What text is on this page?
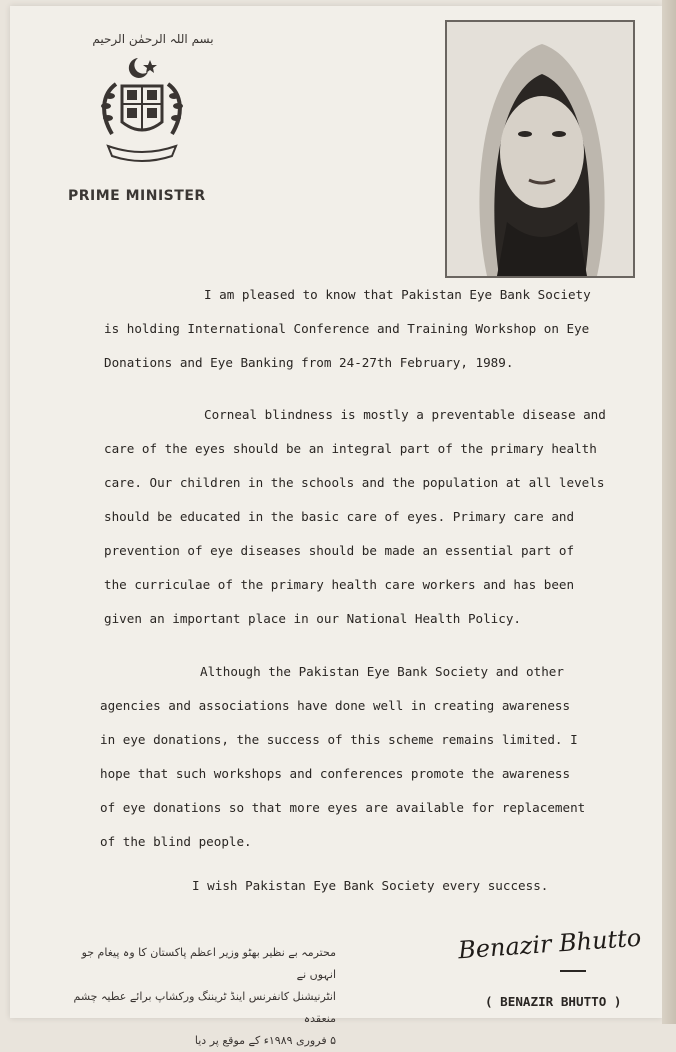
بسم اللہ الرحمٰن الرحیم
PRIME MINISTER
I am pleased to know that Pakistan Eye Bank Society
is holding International Conference and Training Workshop on Eye
Donations and Eye Banking from 24-27th February, 1989.
Corneal blindness is mostly a preventable disease and
care of the eyes should be an integral part of the primary health
care. Our children in the schools and the population at all levels
should be educated in the basic care of eyes. Primary care and
prevention of eye diseases should be made an essential part of
the curriculae of the primary health care workers and has been
given an important place in our National Health Policy.
Although the Pakistan Eye Bank Society and other
agencies and associations have done well in creating awareness
in eye donations, the success of this scheme remains limited. I
hope that such workshops and conferences promote the awareness
of eye donations so that more eyes are available for replacement
of the blind people.
I wish Pakistan Eye Bank Society every success.
محترمہ بے نظیر بھٹو وزیر اعظم پاکستان کا وہ پیغام جو انہوں نے
انٹرنیشنل کانفرنس اینڈ ٹریننگ ورکشاپ برائے عطیہ چشم منعقدہ
۵ فروری ۱۹۸۹ء کے موقع پر دیا
Benazir Bhutto
( BENAZIR BHUTTO )
